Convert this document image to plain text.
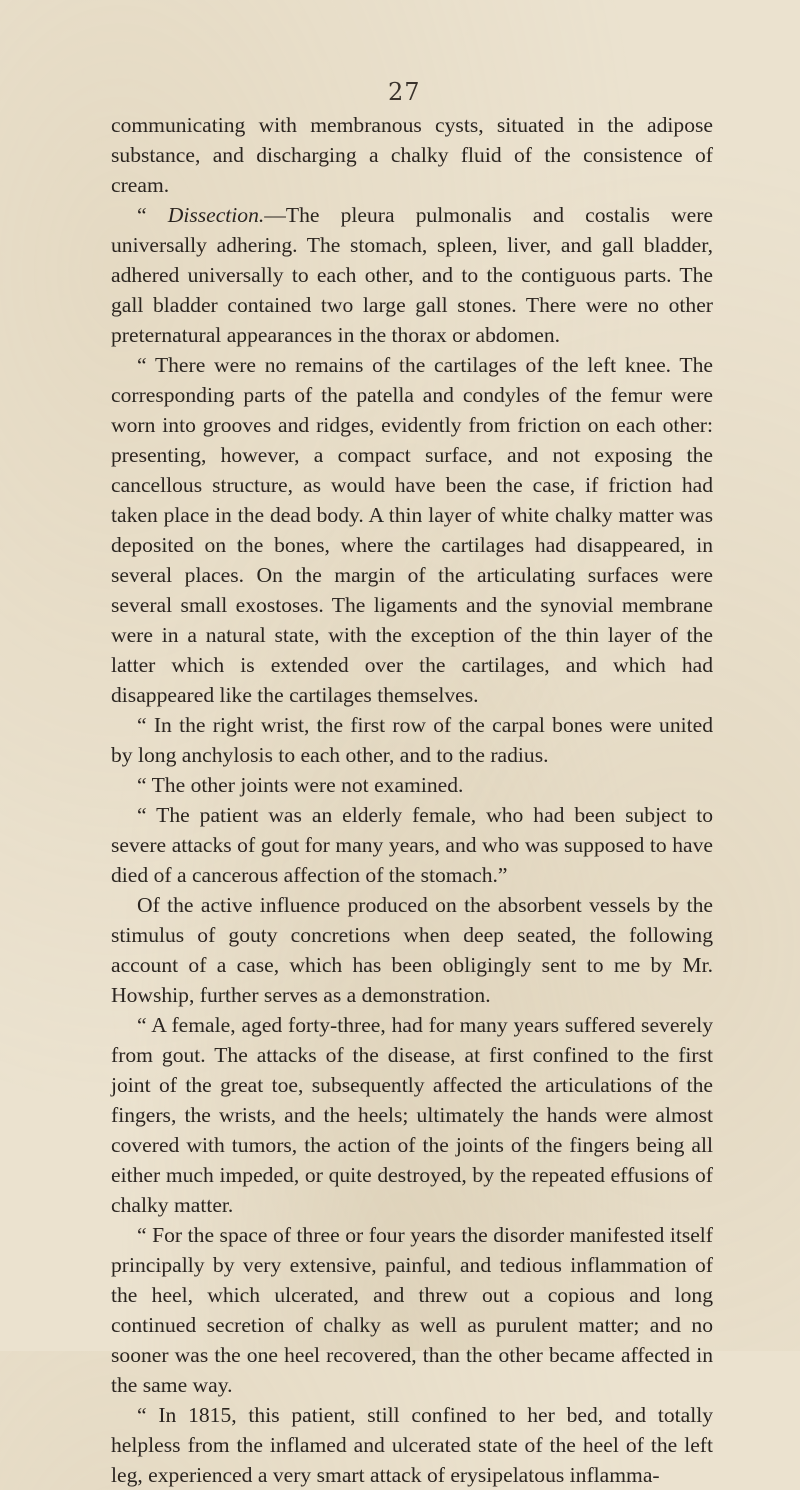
27

communicating with membranous cysts, situated in the adipose substance, and discharging a chalky fluid of the consistence of cream.

“ Dissection.—The pleura pulmonalis and costalis were universally adhering. The stomach, spleen, liver, and gall bladder, adhered universally to each other, and to the contiguous parts. The gall bladder contained two large gall stones. There were no other preternatural appearances in the thorax or abdomen.

“ There were no remains of the cartilages of the left knee. The corresponding parts of the patella and condyles of the femur were worn into grooves and ridges, evidently from friction on each other: presenting, however, a compact surface, and not exposing the cancellous structure, as would have been the case, if friction had taken place in the dead body. A thin layer of white chalky matter was deposited on the bones, where the cartilages had disappeared, in several places. On the margin of the articulating surfaces were several small exostoses. The ligaments and the synovial membrane were in a natural state, with the exception of the thin layer of the latter which is extended over the cartilages, and which had disappeared like the cartilages themselves.

“ In the right wrist, the first row of the carpal bones were united by long anchylosis to each other, and to the radius.

“ The other joints were not examined.

“ The patient was an elderly female, who had been subject to severe attacks of gout for many years, and who was supposed to have died of a cancerous affection of the stomach.”

Of the active influence produced on the absorbent vessels by the stimulus of gouty concretions when deep seated, the following account of a case, which has been obligingly sent to me by Mr. Howship, further serves as a demonstration.

“ A female, aged forty-three, had for many years suffered severely from gout. The attacks of the disease, at first confined to the first joint of the great toe, subsequently affected the articulations of the fingers, the wrists, and the heels; ultimately the hands were almost covered with tumors, the action of the joints of the fingers being all either much impeded, or quite destroyed, by the repeated effusions of chalky matter.

“ For the space of three or four years the disorder manifested itself principally by very extensive, painful, and tedious inflammation of the heel, which ulcerated, and threw out a copious and long continued secretion of chalky as well as purulent matter; and no sooner was the one heel recovered, than the other became affected in the same way.

“ In 1815, this patient, still confined to her bed, and totally helpless from the inflamed and ulcerated state of the heel of the left leg, experienced a very smart attack of erysipelatous inflamma-
